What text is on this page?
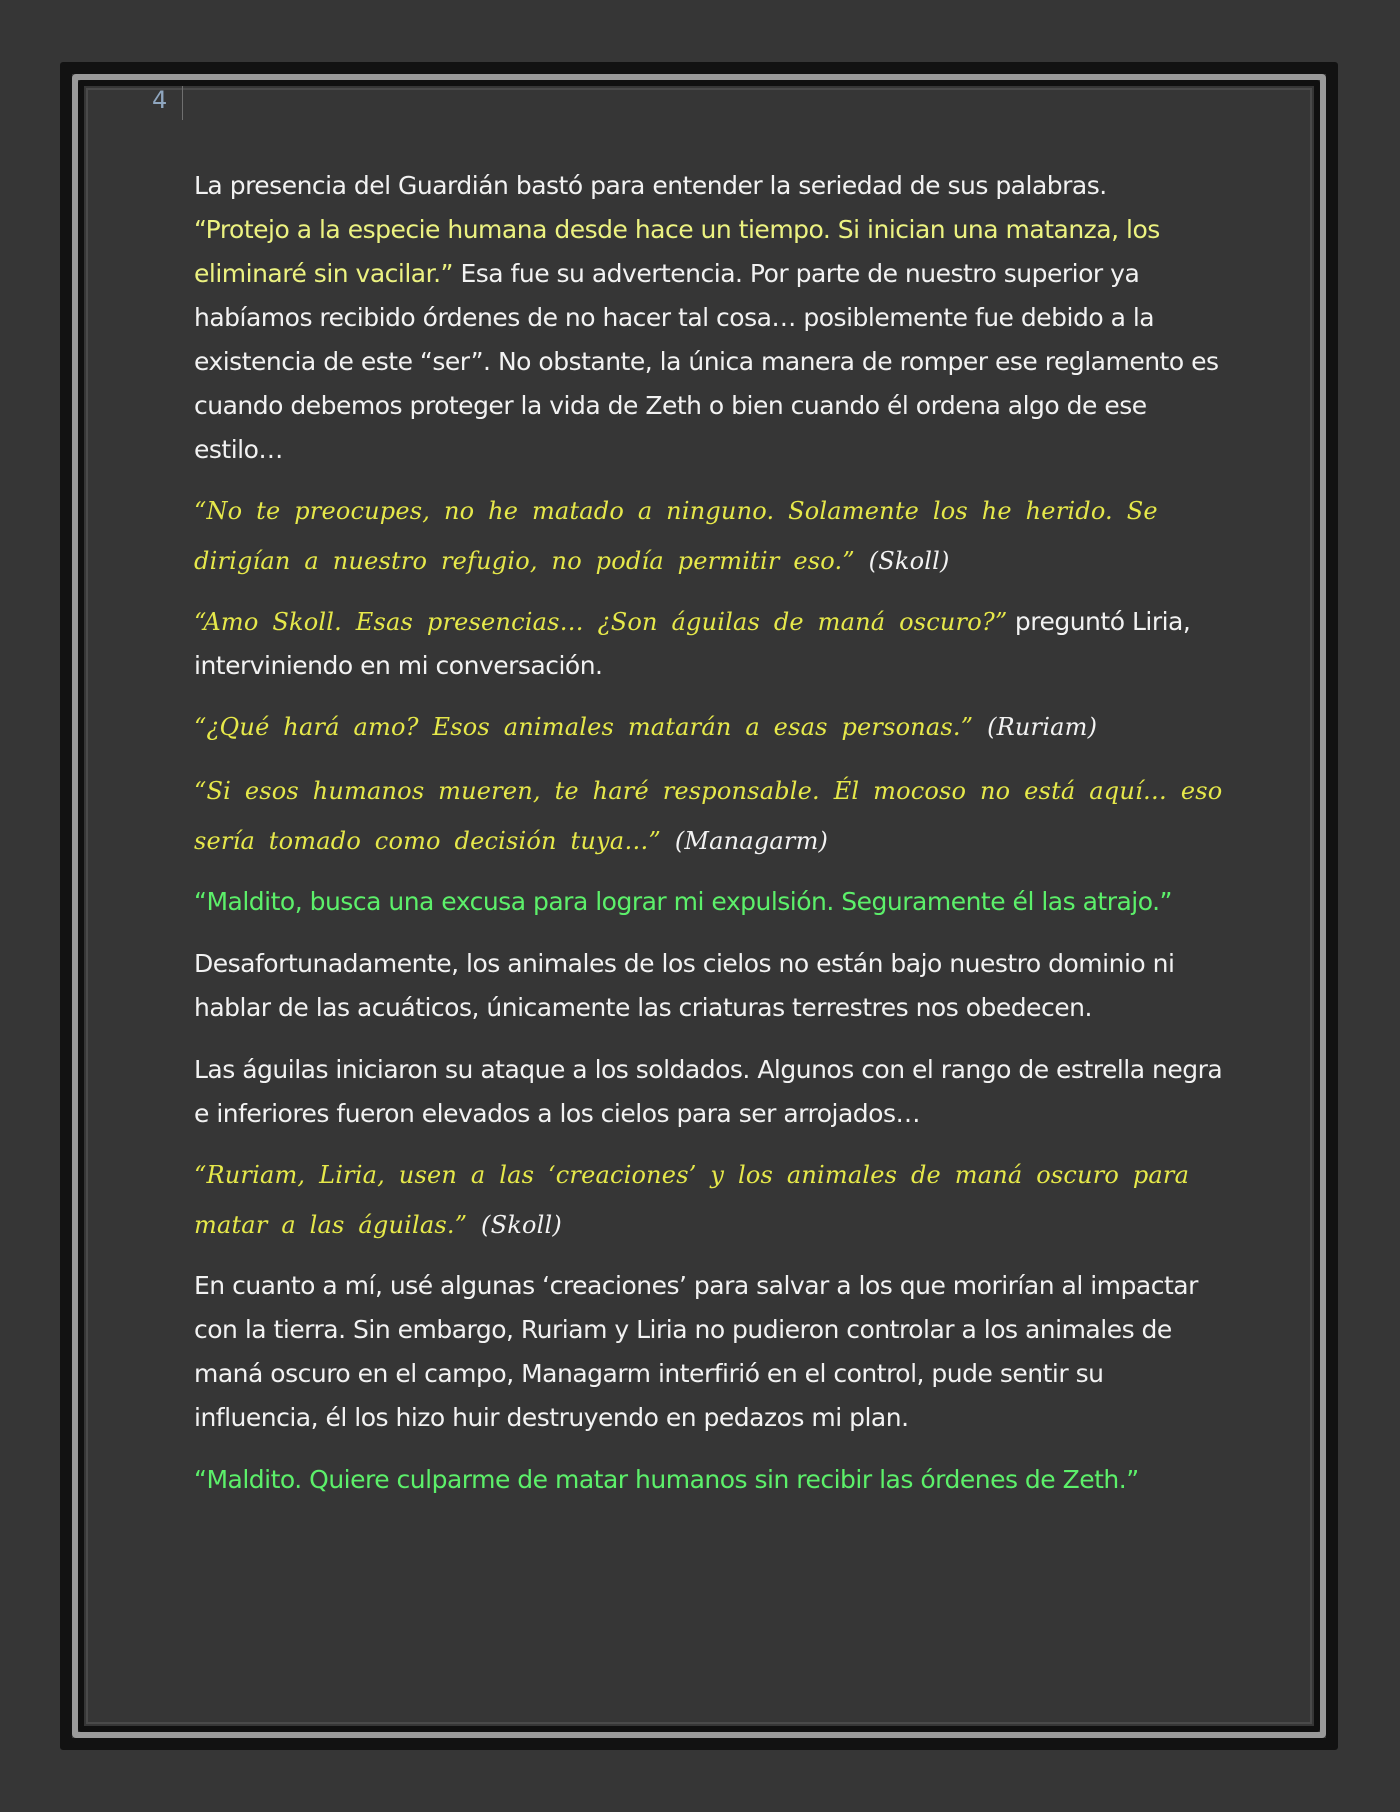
4

La presencia del Guardián bastó para entender la seriedad de sus palabras.
“Protejo a la especie humana desde hace un tiempo. Si inician una matanza, los eliminaré sin vacilar.” Esa fue su advertencia. Por parte de nuestro superior ya habíamos recibido órdenes de no hacer tal cosa… posiblemente fue debido a la existencia de este “ser”. No obstante, la única manera de romper ese reglamento es cuando debemos proteger la vida de Zeth o bien cuando él ordena algo de ese estilo…

“No te preocupes, no he matado a ninguno. Solamente los he herido. Se dirigían a nuestro refugio, no podía permitir eso.” (Skoll)

“Amo Skoll. Esas presencias… ¿Son águilas de maná oscuro?” preguntó Liria, interviniendo en mi conversación.

“¿Qué hará amo? Esos animales matarán a esas personas.” (Ruriam)

“Si esos humanos mueren, te haré responsable. Él mocoso no está aquí… eso sería tomado como decisión tuya…” (Managarm)

“Maldito, busca una excusa para lograr mi expulsión. Seguramente él las atrajo.”

Desafortunadamente, los animales de los cielos no están bajo nuestro dominio ni hablar de las acuáticos, únicamente las criaturas terrestres nos obedecen.

Las águilas iniciaron su ataque a los soldados. Algunos con el rango de estrella negra e inferiores fueron elevados a los cielos para ser arrojados…

“Ruriam, Liria, usen a las ‘creaciones’ y los animales de maná oscuro para matar a las águilas.” (Skoll)

En cuanto a mí, usé algunas ‘creaciones’ para salvar a los que morirían al impactar con la tierra. Sin embargo, Ruriam y Liria no pudieron controlar a los animales de maná oscuro en el campo, Managarm interfirió en el control, pude sentir su influencia, él los hizo huir destruyendo en pedazos mi plan.

“Maldito. Quiere culparme de matar humanos sin recibir las órdenes de Zeth.”
